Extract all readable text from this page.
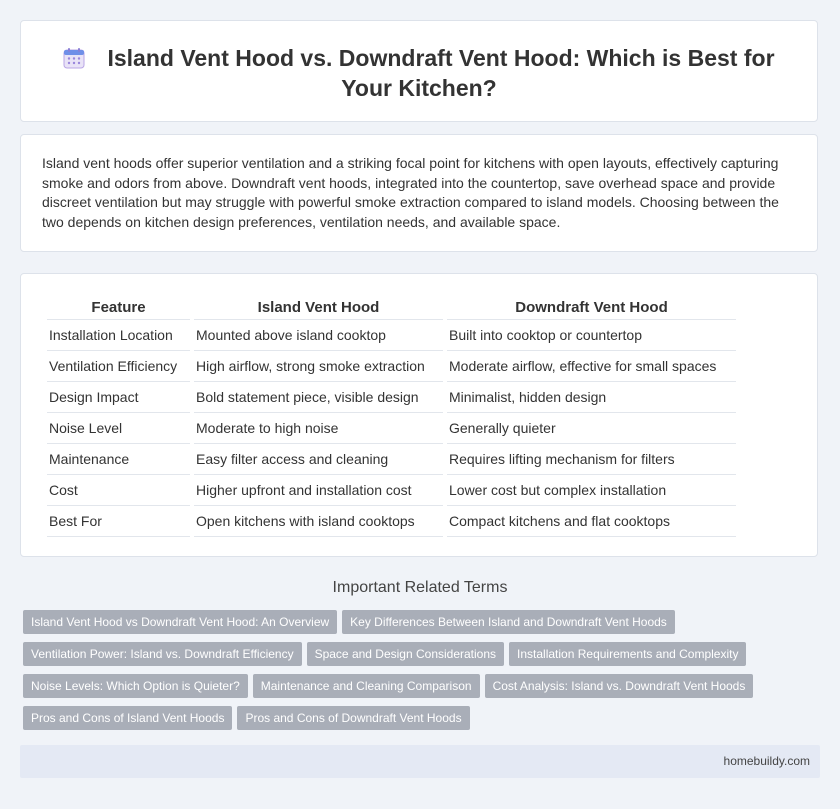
Island Vent Hood vs. Downdraft Vent Hood: Which is Best for Your Kitchen?

Island vent hoods offer superior ventilation and a striking focal point for kitchens with open layouts, effectively capturing smoke and odors from above. Downdraft vent hoods, integrated into the countertop, save overhead space and provide discreet ventilation but may struggle with powerful smoke extraction compared to island models. Choosing between the two depends on kitchen design preferences, ventilation needs, and available space.

Feature	Island Vent Hood	Downdraft Vent Hood
Installation Location	Mounted above island cooktop	Built into cooktop or countertop
Ventilation Efficiency	High airflow, strong smoke extraction	Moderate airflow, effective for small spaces
Design Impact	Bold statement piece, visible design	Minimalist, hidden design
Noise Level	Moderate to high noise	Generally quieter
Maintenance	Easy filter access and cleaning	Requires lifting mechanism for filters
Cost	Higher upfront and installation cost	Lower cost but complex installation
Best For	Open kitchens with island cooktops	Compact kitchens and flat cooktops
Important Related Terms
Island Vent Hood vs Downdraft Vent Hood: An Overview Key Differences Between Island and Downdraft Vent Hoods
Ventilation Power: Island vs. Downdraft Efficiency Space and Design Considerations Installation Requirements and Complexity
Noise Levels: Which Option is Quieter? Maintenance and Cleaning Comparison Cost Analysis: Island vs. Downdraft Vent Hoods
Pros and Cons of Island Vent Hoods Pros and Cons of Downdraft Vent Hoods
homebuildy.com
